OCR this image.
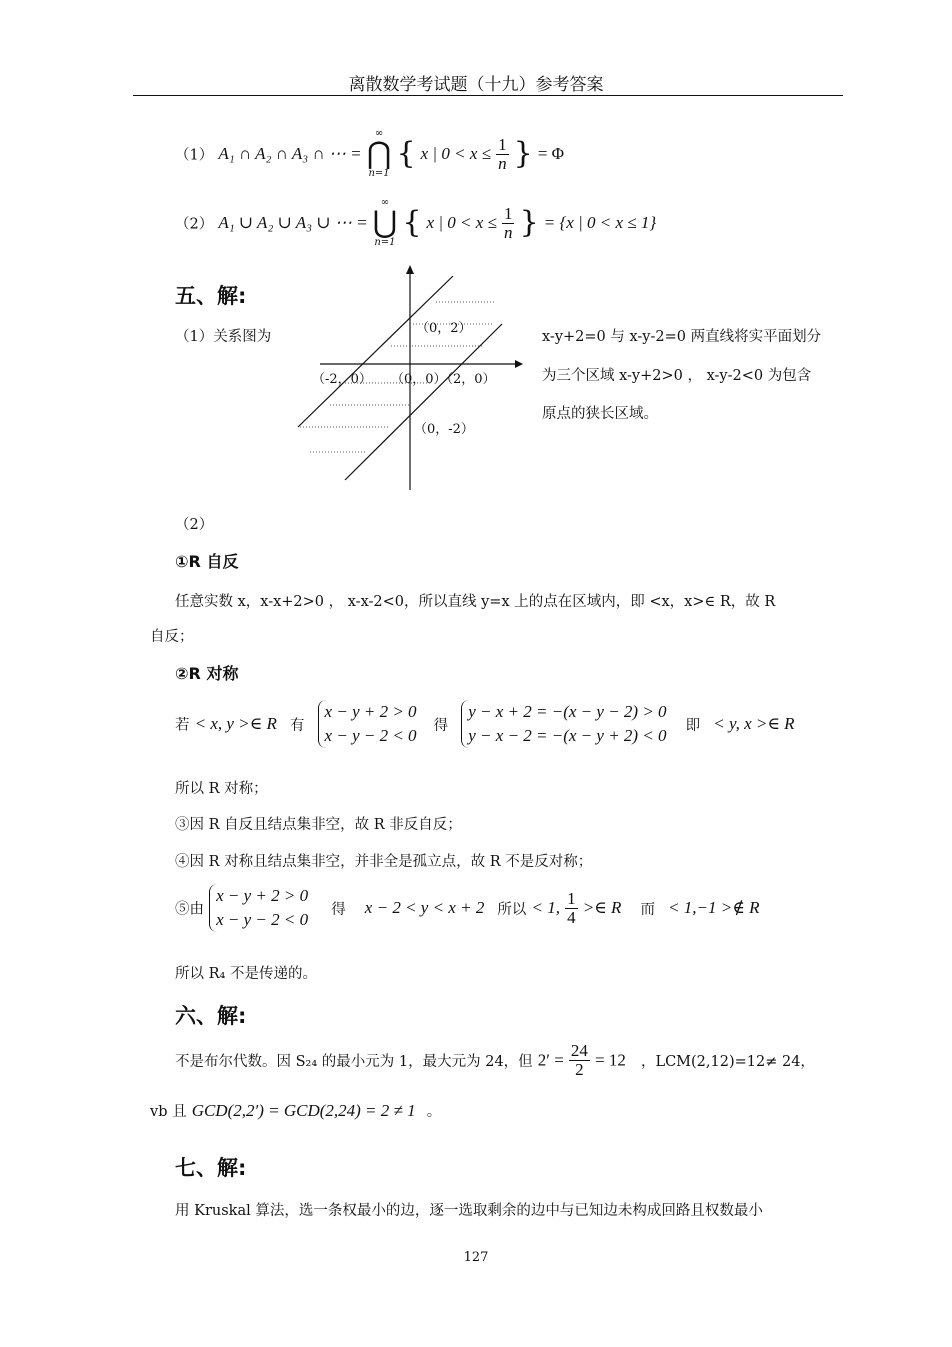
离散数学考试题（十九）参考答案
（1） A₁ ∩ A₂ ∩ A₃ ∩ ⋯ =
∞
⋂
n=1
{ x | $0 < x \le \frac{1}{n}$ } = Φ
（2） A₁ ∪ A₂ ∪ A₃ ∪ ⋯ =
∞
⋃
n=1
{ x | $0 < x \le \frac{1}{n}$ } = {x | 0 < x ≤ 1}
五、解:
（1）关系图为
（0，2）
（-2，0） （0，0）
（2，0）
（0，-2）
x-y+2=0 与 x-y-2=0 两直线将实平面划分
为三个区域 x-y+2>0 ， x-y-2<0 为包含
原点的狭长区域。
（2）
①R 自反
任意实数 x，x-x+2>0 ， x-x-2<0，所以直线 y=x 上的点在区域内，即 <x，x>∈ R，故 R
自反；
②R 对称
若 < x, y >∈ R 有
x − y + 2 > 0
x − y − 2 < 0
得
y − x + 2 = −(x − y − 2) > 0
y − x − 2 = −(x − y + 2) < 0
即 < y, x >∈ R
所以 R 对称；
③因 R 自反且结点集非空，故 R 非反自反；
④因 R 对称且结点集非空，并非全是孤立点，故 R 不是反对称；
⑤由
x − y + 2 > 0
x − y − 2 < 0
得 x − 2 < y < x + 2 所以 < 1, $\frac{1}{4}$ >∈ R 而 < 1,−1 >∉ R
所以 R₄ 不是传递的。
六、解:
不是布尔代数。因 S₂₄ 的最小元为 1，最大元为 24，但 $2' = \frac{24}{2} = 12$ ，LCM(2,12)=12≠ 24，
vb 且 GCD(2,2′) = GCD(2,24) = 2 ≠ 1 。
七、解:
用 Kruskal 算法，选一条权最小的边，逐一选取剩余的边中与已知边未构成回路且权数最小
127
